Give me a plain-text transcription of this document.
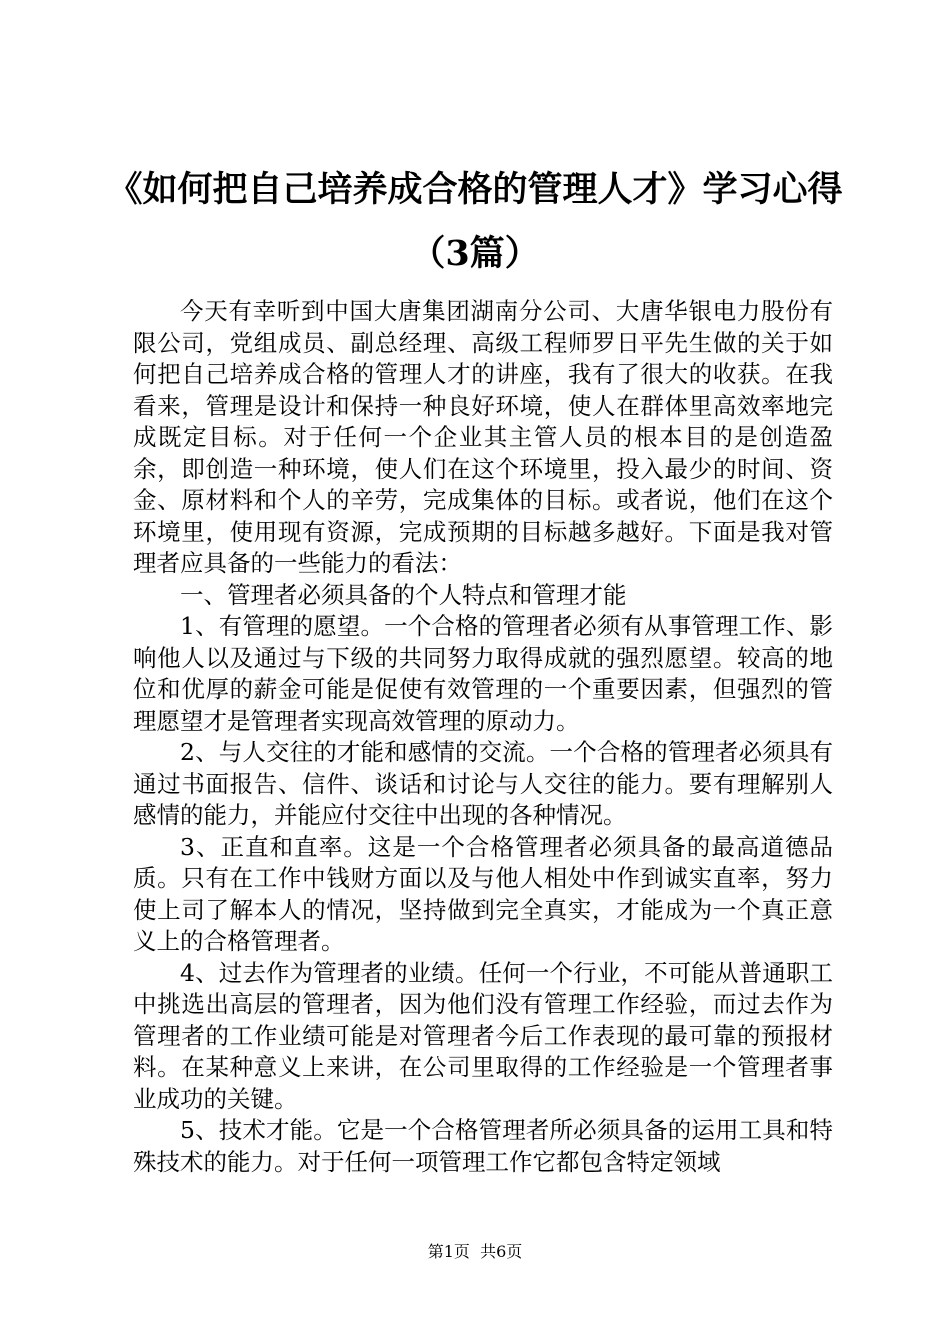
《如何把自己培养成合格的管理人才》学习心得（3篇）

今天有幸听到中国大唐集团湖南分公司、大唐华银电力股份有限公司，党组成员、副总经理、高级工程师罗日平先生做的关于如何把自己培养成合格的管理人才的讲座，我有了很大的收获。在我看来，管理是设计和保持一种良好环境，使人在群体里高效率地完成既定目标。对于任何一个企业其主管人员的根本目的是创造盈余，即创造一种环境，使人们在这个环境里，投入最少的时间、资金、原材料和个人的辛劳，完成集体的目标。或者说，他们在这个环境里，使用现有资源，完成预期的目标越多越好。下面是我对管理者应具备的一些能力的看法：

一、管理者必须具备的个人特点和管理才能

1、有管理的愿望。一个合格的管理者必须有从事管理工作、影响他人以及通过与下级的共同努力取得成就的强烈愿望。较高的地位和优厚的薪金可能是促使有效管理的一个重要因素，但强烈的管理愿望才是管理者实现高效管理的原动力。

2、与人交往的才能和感情的交流。一个合格的管理者必须具有通过书面报告、信件、谈话和讨论与人交往的能力。要有理解别人感情的能力，并能应付交往中出现的各种情况。

3、正直和直率。这是一个合格管理者必须具备的最高道德品质。只有在工作中钱财方面以及与他人相处中作到诚实直率，努力使上司了解本人的情况，坚持做到完全真实，才能成为一个真正意义上的合格管理者。

4、过去作为管理者的业绩。任何一个行业，不可能从普通职工中挑选出高层的管理者，因为他们没有管理工作经验，而过去作为管理者的工作业绩可能是对管理者今后工作表现的最可靠的预报材料。在某种意义上来讲，在公司里取得的工作经验是一个管理者事业成功的关键。

5、技术才能。它是一个合格管理者所必须具备的运用工具和特殊技术的能力。对于任何一项管理工作它都包含特定领域

第1页 共6页
